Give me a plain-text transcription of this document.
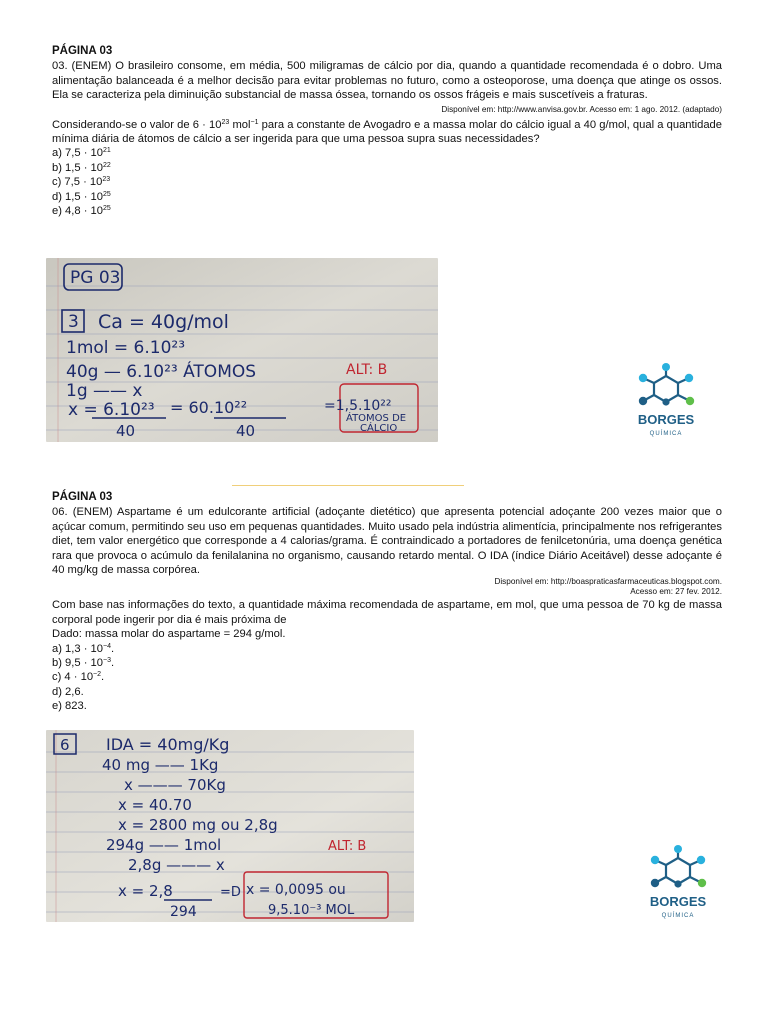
PÁGINA 03

03. (ENEM) O brasileiro consome, em média, 500 miligramas de cálcio por dia, quando a quantidade recomendada é o dobro. Uma alimentação balanceada é a melhor decisão para evitar problemas no futuro, como a osteoporose, uma doença que atinge os ossos. Ela se caracteriza pela diminuição substancial de massa óssea, tornando os ossos frágeis e mais suscetíveis a fraturas.

Disponível em: http://www.anvisa.gov.br. Acesso em: 1 ago. 2012. (adaptado)

Considerando-se o valor de $6 \cdot 10^{23}$ mol$^{-1}$ para a constante de Avogadro e a massa molar do cálcio igual a 40 g/mol, qual a quantidade mínima diária de átomos de cálcio a ser ingerida para que uma pessoa supra suas necessidades?

a) $7,5 \cdot 10^{21}$

b) $1,5 \cdot 10^{22}$

c) $7,5 \cdot 10^{23}$

d) $1,5 \cdot 10^{25}$

e) $4,8 \cdot 10^{25}$

PG 03
3 Ca = 40g/mol
1mol = 6.10²³
40g — 6.10²³ ÁTOMOS	ALT: B
1g —— x
x = 6.10²³ = 60.10²²
40	40
=1,5.10²²
ÁTOMOS DE
CÁLCIO
BORGES
QUÍMICA

PÁGINA 03

06. (ENEM) Aspartame é um edulcorante artificial (adoçante dietético) que apresenta potencial adoçante 200 vezes maior que o açúcar comum, permitindo seu uso em pequenas quantidades. Muito usado pela indústria alimentícia, principalmente nos refrigerantes diet, tem valor energético que corresponde a 4 calorias/grama. É contraindicado a portadores de fenilcetonúria, uma doença genética rara que provoca o acúmulo da fenilalanina no organismo, causando retardo mental. O IDA (índice Diário Aceitável) desse adoçante é 40 mg/kg de massa corpórea.

Disponível em: http://boaspraticasfarmaceuticas.blogspot.com.

Acesso em: 27 fev. 2012.

Com base nas informações do texto, a quantidade máxima recomendada de aspartame, em mol, que uma pessoa de 70 kg de massa corporal pode ingerir por dia é mais próxima de

Dado: massa molar do aspartame = 294 g/mol.

a) $1,3 \cdot 10^{-4}$.

b) $9,5 \cdot 10^{-3}$.

c) $4 \cdot 10^{-2}$.

d) 2,6.

e) 823.

6 IDA = 40mg/Kg
40 mg —— 1Kg
x ——— 70Kg
x = 40.70
x = 2800 mg ou 2,8g
294g —— 1mol	ALT: B
2,8g ——— x
x = 2,8	=D x = 0,0095 ou
294	9,5.10⁻³ MOL
BORGES
QUÍMICA
